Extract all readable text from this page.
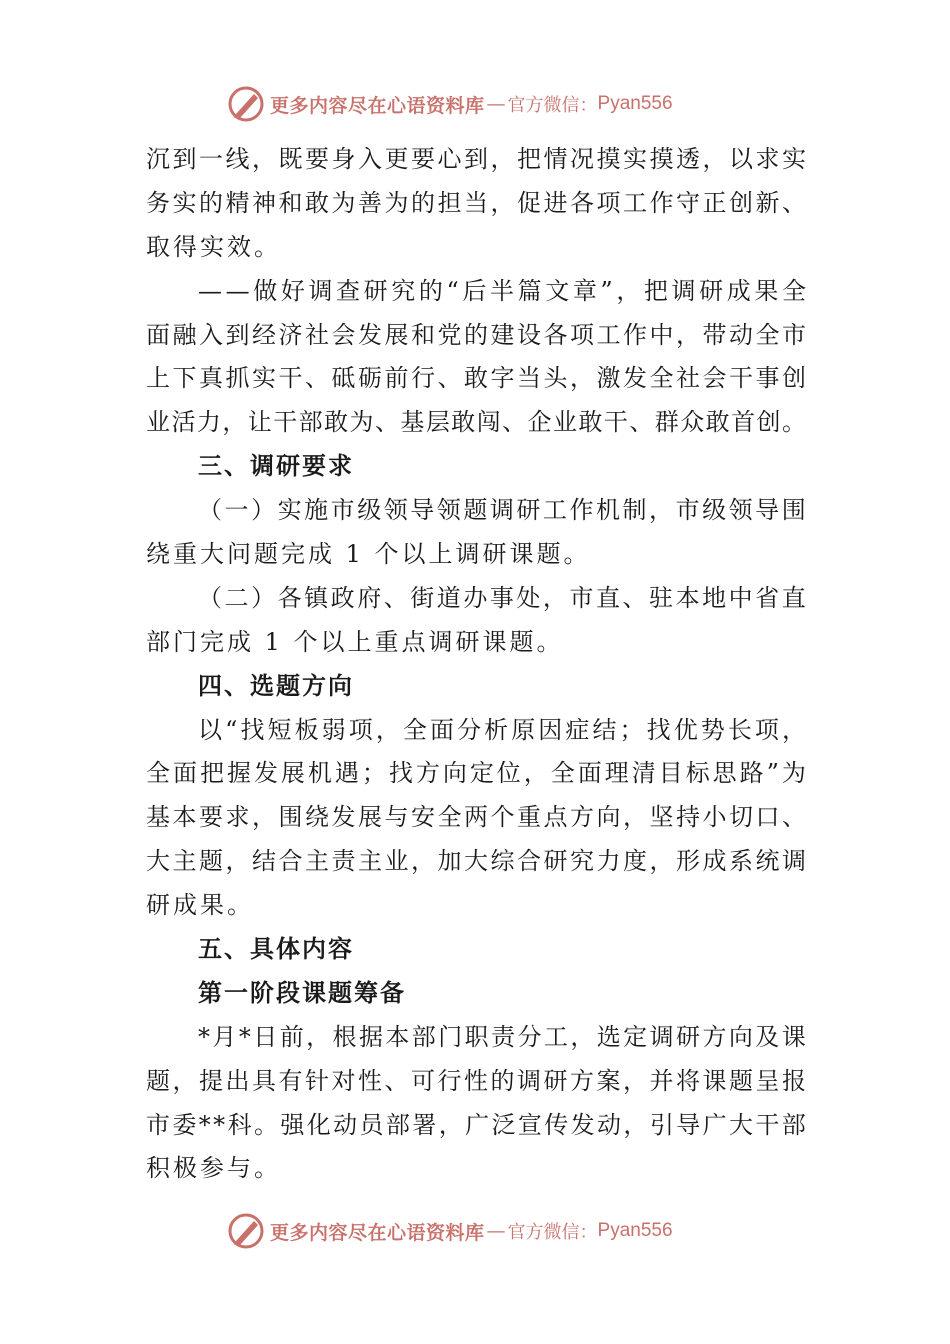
更多内容尽在心语资料库 — 官方微信： Pyan556
沉 到 一 线 ， 既 要 身 入 更 要 心 到 ， 把 情 况 摸 实 摸 透 ， 以 求 实
务 实 的 精 神 和 敢 为 善 为 的 担 当 ， 促 进 各 项 工 作 守 正 创 新 、
取得实效。
— — 做 好 调 查 研 究 的 “ 后 半 篇 文 章 ” ， 把 调 研 成 果 全
面 融 入 到 经 济 社 会 发 展 和 党 的 建 设 各 项 工 作 中 ， 带 动 全 市
上 下 真 抓 实 干 、 砥 砺 前 行 、 敢 字 当 头 ， 激 发 全 社 会 干 事 创
业 活 力 ， 让 干 部 敢 为 、 基 层 敢 闯 、 企 业 敢 干 、 群 众 敢 首 创 。
三、调研要求
（ 一 ） 实 施 市 级 领 导 领 题 调 研 工 作 机 制 ， 市 级 领 导 围
绕重大问题完成 1 个以上调研课题。
（ 二 ） 各 镇 政 府 、 街 道 办 事 处 ， 市 直 、 驻 本 地 中 省 直
部门完成 1 个以上重点调研课题。
四、选题方向
以 “ 找 短 板 弱 项 ， 全 面 分 析 原 因 症 结 ； 找 优 势 长 项 ，
全 面 把 握 发 展 机 遇 ； 找 方 向 定 位 ， 全 面 理 清 目 标 思 路 ” 为
基 本 要 求 ， 围 绕 发 展 与 安 全 两 个 重 点 方 向 ， 坚 持 小 切 口 、
大 主 题 ， 结 合 主 责 主 业 ， 加 大 综 合 研 究 力 度 ， 形 成 系 统 调
研成果。
五、具体内容
第一阶段课题筹备
* 月 * 日 前 ， 根 据 本 部 门 职 责 分 工 ， 选 定 调 研 方 向 及 课
题 ， 提 出 具 有 针 对 性 、 可 行 性 的 调 研 方 案 ， 并 将 课 题 呈 报
市 委 * * 科 。 强 化 动 员 部 署 ， 广 泛 宣 传 发 动 ， 引 导 广 大 干 部
积极参与。
更多内容尽在心语资料库 — 官方微信： Pyan556
